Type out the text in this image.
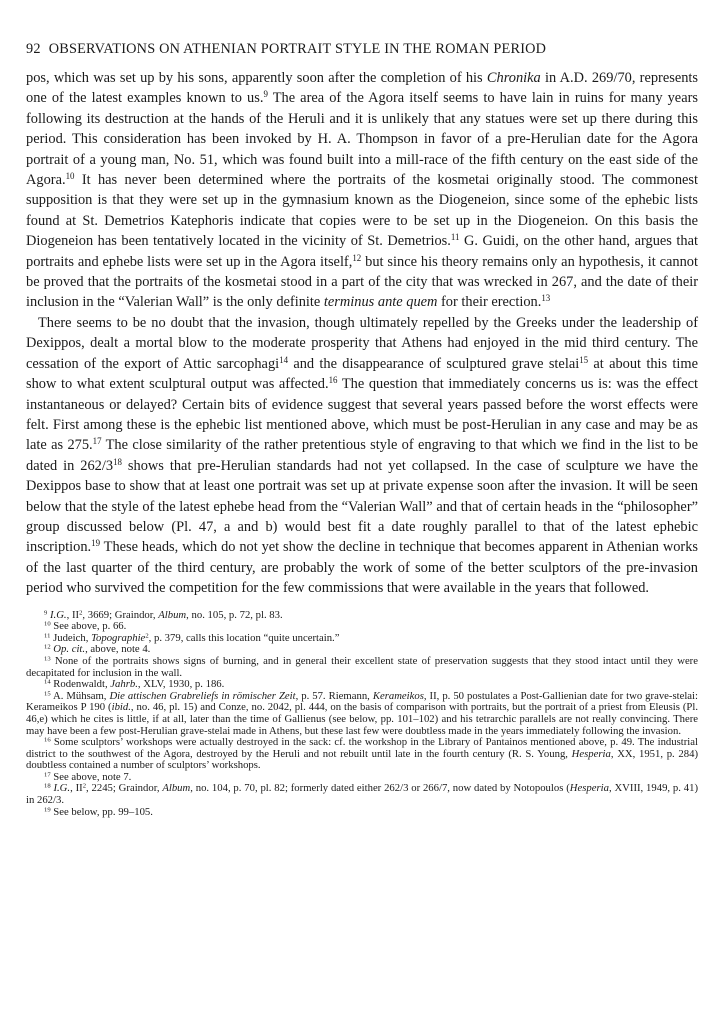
92 OBSERVATIONS ON ATHENIAN PORTRAIT STYLE IN THE ROMAN PERIOD

pos, which was set up by his sons, apparently soon after the completion of his Chronika in A.D. 269/70, represents one of the latest examples known to us.$^9$ The area of the Agora itself seems to have lain in ruins for many years following its destruction at the hands of the Heruli and it is unlikely that any statues were set up there during this period. This consideration has been invoked by H. A. Thompson in favor of a pre-Herulian date for the Agora portrait of a young man, No. 51, which was found built into a mill-race of the fifth century on the east side of the Agora.$^{10}$ It has never been determined where the portraits of the kosmetai originally stood. The commonest supposition is that they were set up in the gymnasium known as the Diogeneion, since some of the ephebic lists found at St. Demetrios Katephoris indicate that copies were to be set up in the Diogeneion. On this basis the Diogeneion has been tentatively located in the vicinity of St. Demetrios.$^{11}$ G. Guidi, on the other hand, argues that portraits and ephebe lists were set up in the Agora itself,$^{12}$ but since his theory remains only an hypothesis, it cannot be proved that the portraits of the kosmetai stood in a part of the city that was wrecked in 267, and the date of their inclusion in the “Valerian Wall” is the only definite terminus ante quem for their erection.$^{13}$

There seems to be no doubt that the invasion, though ultimately repelled by the Greeks under the leadership of Dexippos, dealt a mortal blow to the moderate prosperity that Athens had enjoyed in the mid third century. The cessation of the export of Attic sarcophagi$^{14}$ and the disappearance of sculptured grave stelai$^{15}$ at about this time show to what extent sculptural output was affected.$^{16}$ The question that immediately concerns us is: was the effect instantaneous or delayed? Certain bits of evidence suggest that several years passed before the worst effects were felt. First among these is the ephebic list mentioned above, which must be post-Herulian in any case and may be as late as 275.17 The close similarity of the rather pretentious style of engraving to that which we find in the list to be dated in $262/3^{18}$ shows that pre-Herulian standards had not yet collapsed. In the case of sculpture we have the Dexippos base to show that at least one portrait was set up at private expense soon after the invasion. It will be seen below that the style of the latest ephebe head from the “Valerian Wall” and that of certain heads in the “philosopher” group discussed below (Pl. 47, a and b) would best fit a date roughly parallel to that of the latest ephebic inscription.$^{19}$ These heads, which do not yet show the decline in technique that becomes apparent in Athenian works of the last quarter of the third century, are probably the work of some of the better sculptors of the pre-invasion period who survived the competition for the few commissions that were available in the years that followed.

$^9$ I.G., $II^2$, 3669; Graindor, Album, no. 105, p. 72, pl. 83.

$^{10}$ See above, p. 66.

$^{11}$ Judeich, Topographie$^2$, p. 379, calls this location “quite uncertain.”

$^{12}$ Op. cit., above, note 4.

$^{13}$ None of the portraits shows signs of burning, and in general their excellent state of preservation suggests that they stood intact until they were decapitated for inclusion in the wall.

$^{14}$ Rodenwaldt, Jahrb., XLV, 1930, p. 186.

$^{15}$ A. Mühsam, Die attischen Grabreliefs in römischer Zeit, p. 57. Riemann, Kerameikos, II, p. 50 postulates a Post-Gallienian date for two grave-stelai: Kerameikos P 190 (ibid., no. 46, pl. 15) and Conze, no. 2042, pl. 444, on the basis of comparison with portraits, but the portrait of a priest from Eleusis (Pl. 46,e) which he cites is little, if at all, later than the time of Gallienus (see below, pp. 101–102) and his tetrarchic parallels are not really convincing. There may have been a few post-Herulian grave-stelai made in Athens, but these last few were doubtless made in the years immediately following the invasion.

$^{16}$ Some sculptors’ workshops were actually destroyed in the sack: cf. the workshop in the Library of Pantainos mentioned above, p. 49. The industrial district to the southwest of the Agora, destroyed by the Heruli and not rebuilt until late in the fourth century (R. S. Young, Hesperia, XX, 1951, p. 284) doubtless contained a number of sculptors’ workshops.

$^{17}$ See above, note 7.

$^{18}$ I.G., $II^2$, 2245; Graindor, Album, no. 104, p. 70, pl. 82; formerly dated either 262/3 or 266/7, now dated by Notopoulos (Hesperia, XVIII, 1949, p. 41) in 262/3.

$^{19}$ See below, pp. 99–105.
